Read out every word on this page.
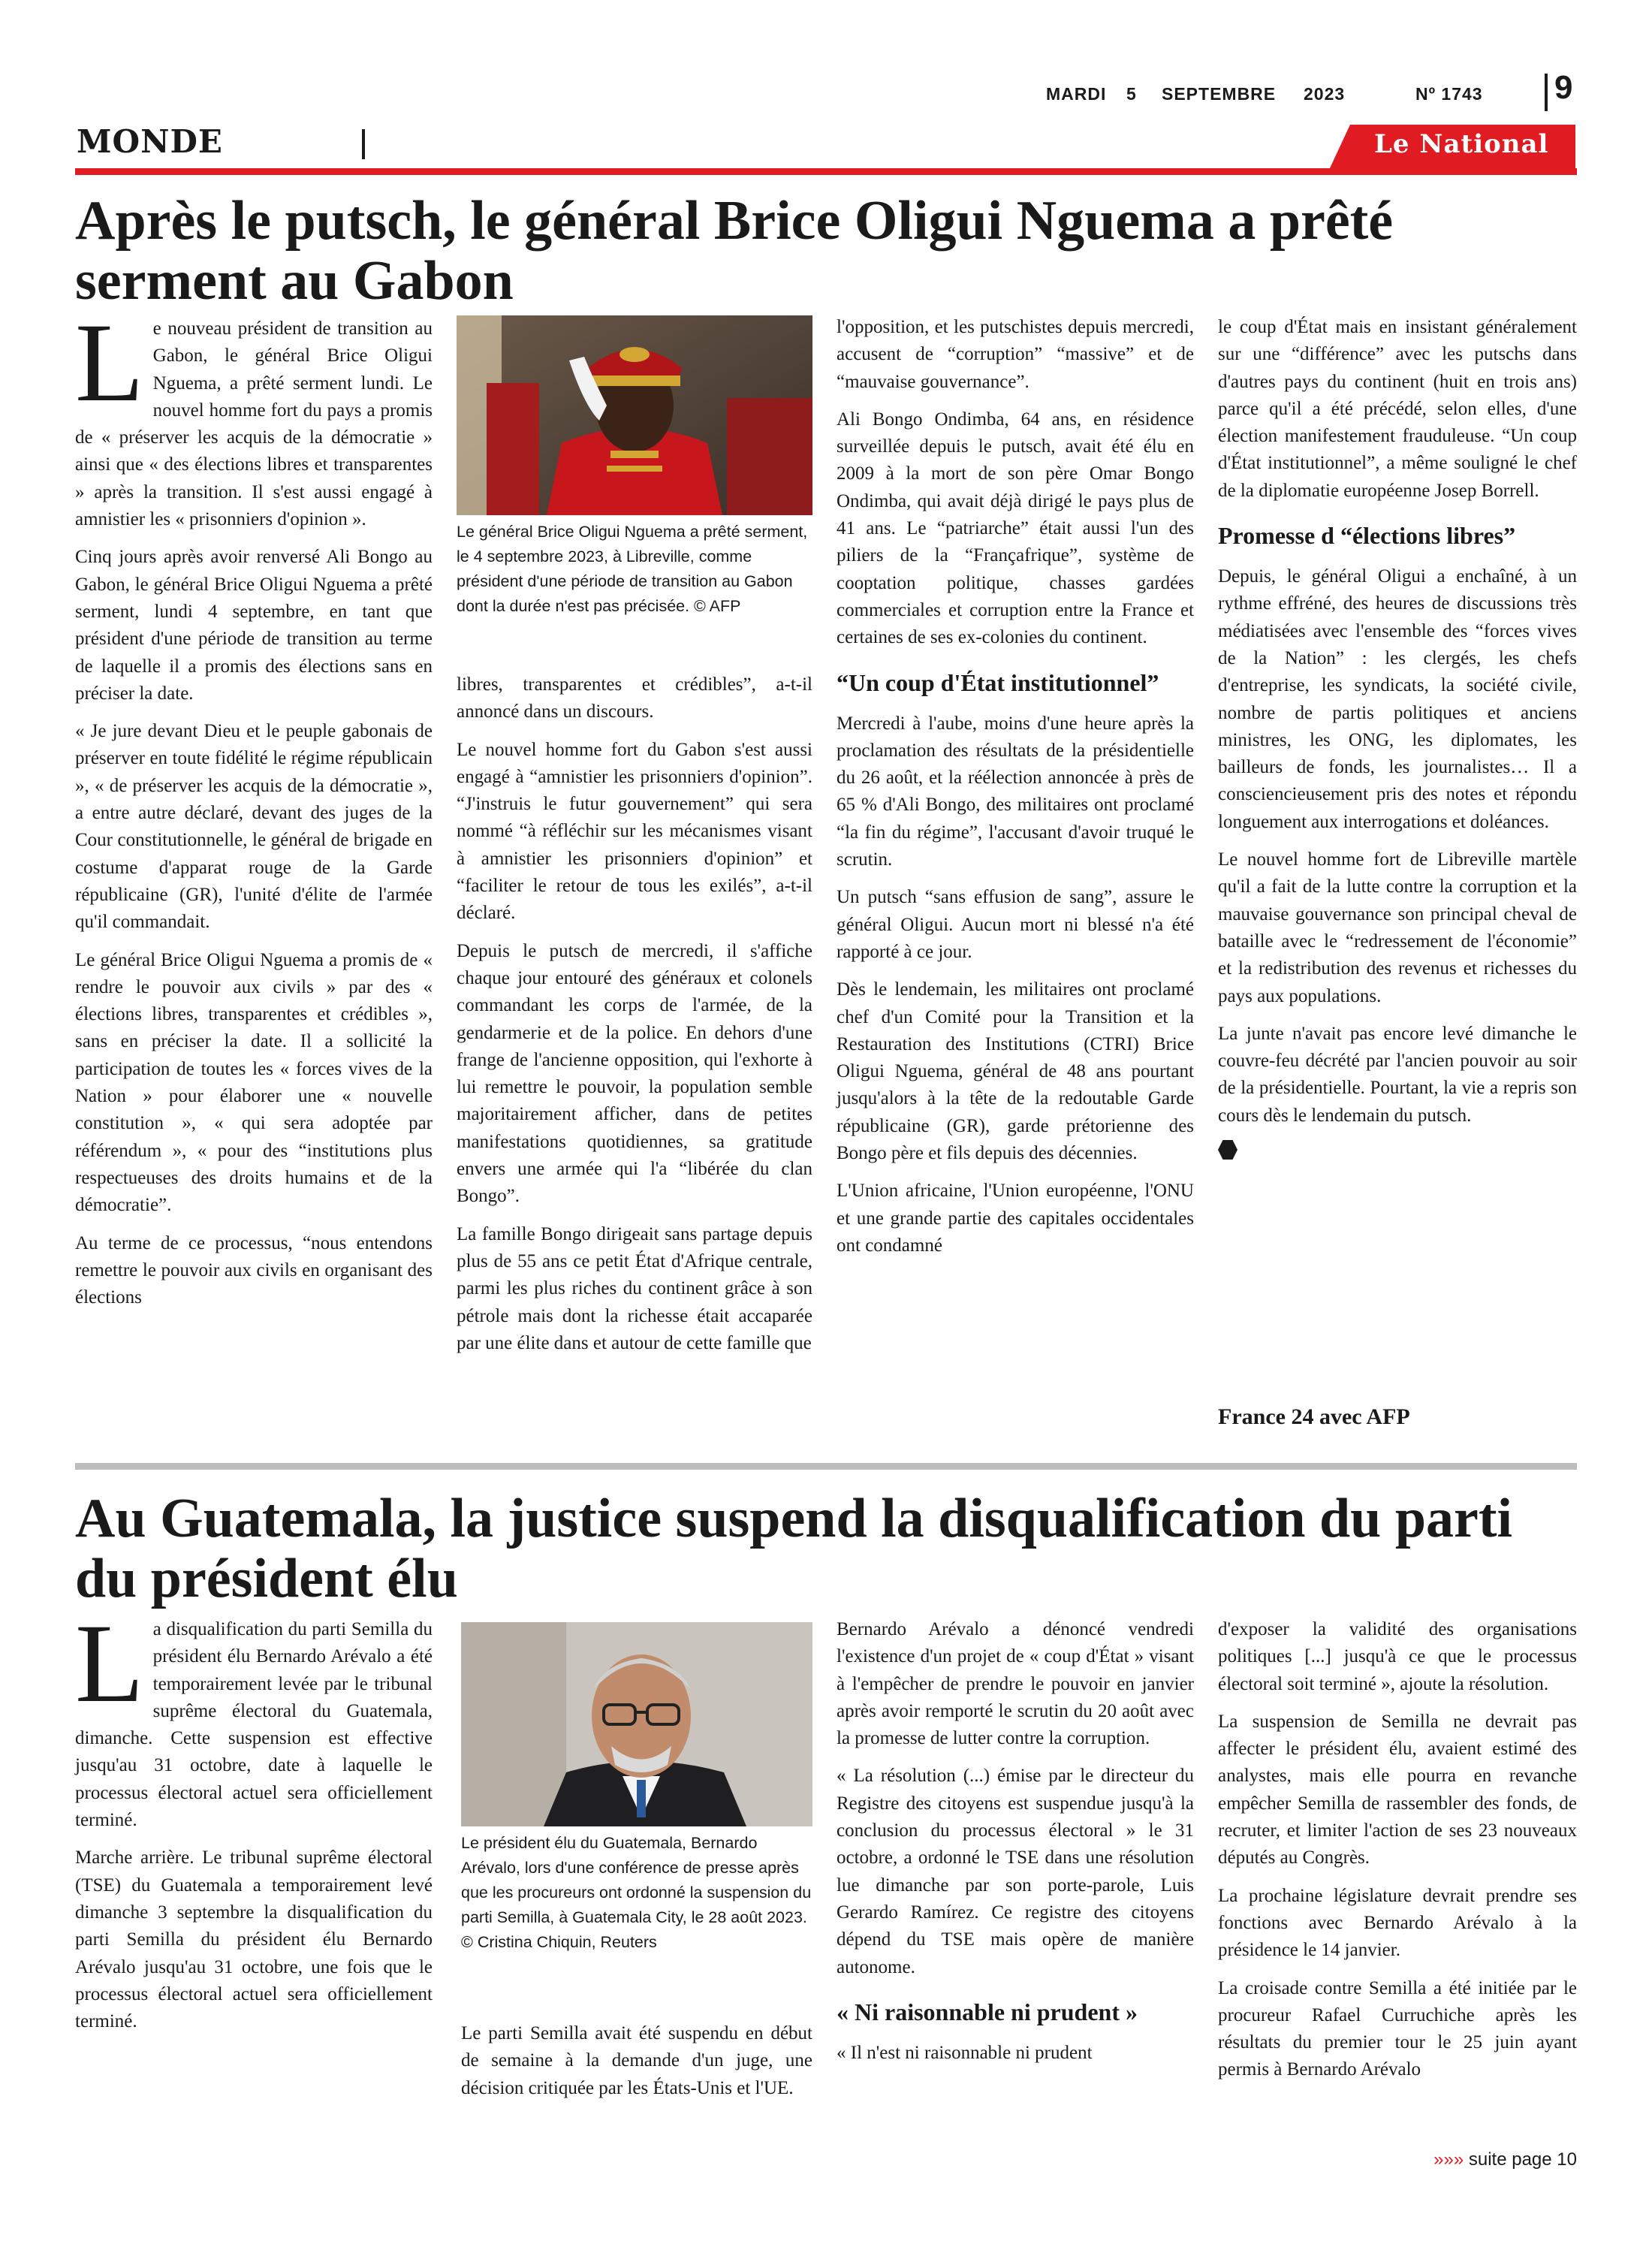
MARDI 5 SEPTEMBRE 2023	Nº 1743 9
MONDE	Le National
Après le putsch, le général Brice Oligui Nguema a prêté
serment au Gabon

Le nouveau président de transition au Gabon, le général Brice Oligui Nguema, a prêté serment lundi. Le nouvel homme fort du pays a promis de « préserver les acquis de la démocratie » ainsi que « des élections libres et transparentes » après la transition. Il s'est aussi engagé à amnistier les « prisonniers d'opinion ».

Cinq jours après avoir renversé Ali Bongo au Gabon, le général Brice Oligui Nguema a prêté serment, lundi 4 septembre, en tant que président d'une période de transition au terme de laquelle il a promis des élections sans en préciser la date.

« Je jure devant Dieu et le peuple gabonais de préserver en toute fidélité le régime républicain », « de préserver les acquis de la démocratie », a entre autre déclaré, devant des juges de la Cour constitutionnelle, le général de brigade en costume d'apparat rouge de la Garde républicaine (GR), l'unité d'élite de l'armée qu'il commandait.

Le général Brice Oligui Nguema a promis de « rendre le pouvoir aux civils » par des « élections libres, transparentes et crédibles », sans en préciser la date. Il a sollicité la participation de toutes les « forces vives de la Nation » pour élaborer une « nouvelle constitution », « qui sera adoptée par référendum », « pour des “institutions plus respectueuses des droits humains et de la démocratie”.

Au terme de ce processus, “nous entendons remettre le pouvoir aux civils en organisant des élections

Le général Brice Oligui Nguema a prêté serment, le 4 septembre 2023, à Libreville, comme président d'une période de transition au Gabon dont la durée n'est pas précisée. © AFP

libres, transparentes et crédibles”, a-t-il annoncé dans un discours.

Le nouvel homme fort du Gabon s'est aussi engagé à “amnistier les prisonniers d'opinion”. “J'instruis le futur gouvernement” qui sera nommé “à réfléchir sur les mécanismes visant à amnistier les prisonniers d'opinion” et “faciliter le retour de tous les exilés”, a-t-il déclaré.

Depuis le putsch de mercredi, il s'affiche chaque jour entouré des généraux et colonels commandant les corps de l'armée, de la gendarmerie et de la police. En dehors d'une frange de l'ancienne opposition, qui l'exhorte à lui remettre le pouvoir, la population semble majoritairement afficher, dans de petites manifestations quotidiennes, sa gratitude envers une armée qui l'a “libérée du clan Bongo”.

La famille Bongo dirigeait sans partage depuis plus de 55 ans ce petit État d'Afrique centrale, parmi les plus riches du continent grâce à son pétrole mais dont la richesse était accaparée par une élite dans et autour de cette famille que

l'opposition, et les putschistes depuis mercredi, accusent de “corruption” “massive” et de “mauvaise gouvernance”.

Ali Bongo Ondimba, 64 ans, en résidence surveillée depuis le putsch, avait été élu en 2009 à la mort de son père Omar Bongo Ondimba, qui avait déjà dirigé le pays plus de 41 ans. Le “patriarche” était aussi l'un des piliers de la “Françafrique”, système de cooptation politique, chasses gardées commerciales et corruption entre la France et certaines de ses ex-colonies du continent.

“Un coup d'État institutionnel”

Mercredi à l'aube, moins d'une heure après la proclamation des résultats de la présidentielle du 26 août, et la réélection annoncée à près de 65 % d'Ali Bongo, des militaires ont proclamé “la fin du régime”, l'accusant d'avoir truqué le scrutin.

Un putsch “sans effusion de sang”, assure le général Oligui. Aucun mort ni blessé n'a été rapporté à ce jour.

Dès le lendemain, les militaires ont proclamé chef d'un Comité pour la Transition et la Restauration des Institutions (CTRI) Brice Oligui Nguema, général de 48 ans pourtant jusqu'alors à la tête de la redoutable Garde républicaine (GR), garde prétorienne des Bongo père et fils depuis des décennies.

L'Union africaine, l'Union européenne, l'ONU et une grande partie des capitales occidentales ont condamné

le coup d'État mais en insistant généralement sur une “différence” avec les putschs dans d'autres pays du continent (huit en trois ans) parce qu'il a été précédé, selon elles, d'une élection manifestement frauduleuse. “Un coup d'État institutionnel”, a même souligné le chef de la diplomatie européenne Josep Borrell.

Promesse d “élections libres”

Depuis, le général Oligui a enchaîné, à un rythme effréné, des heures de discussions très médiatisées avec l'ensemble des “forces vives de la Nation” : les clergés, les chefs d'entreprise, les syndicats, la société civile, nombre de partis politiques et anciens ministres, les ONG, les diplomates, les bailleurs de fonds, les journalistes… Il a consciencieusement pris des notes et répondu longuement aux interrogations et doléances.

Le nouvel homme fort de Libreville martèle qu'il a fait de la lutte contre la corruption et la mauvaise gouvernance son principal cheval de bataille avec le “redressement de l'économie” et la redistribution des revenus et richesses du pays aux populations.

La junte n'avait pas encore levé dimanche le couvre-feu décrété par l'ancien pouvoir au soir de la présidentielle. Pourtant, la vie a repris son cours dès le lendemain du putsch.

France 24 avec AFP
Au Guatemala, la justice suspend la disqualification du parti
du président élu

La disqualification du parti Semilla du président élu Bernardo Arévalo a été temporairement levée par le tribunal suprême électoral du Guatemala, dimanche. Cette suspension est effective jusqu'au 31 octobre, date à laquelle le processus électoral actuel sera officiellement terminé.

Marche arrière. Le tribunal suprême électoral (TSE) du Guatemala a temporairement levé dimanche 3 septembre la disqualification du parti Semilla du président élu Bernardo Arévalo jusqu'au 31 octobre, une fois que le processus électoral actuel sera officiellement terminé.

Le président élu du Guatemala, Bernardo Arévalo, lors d'une conférence de presse après que les procureurs ont ordonné la suspension du parti Semilla, à Guatemala City, le 28 août 2023. © Cristina Chiquin, Reuters

Le parti Semilla avait été suspendu en début de semaine à la demande d'un juge, une décision critiquée par les États-Unis et l'UE.

Bernardo Arévalo a dénoncé vendredi l'existence d'un projet de « coup d'État » visant à l'empêcher de prendre le pouvoir en janvier après avoir remporté le scrutin du 20 août avec la promesse de lutter contre la corruption.

« La résolution (...) émise par le directeur du Registre des citoyens est suspendue jusqu'à la conclusion du processus électoral » le 31 octobre, a ordonné le TSE dans une résolution lue dimanche par son porte-parole, Luis Gerardo Ramírez. Ce registre des citoyens dépend du TSE mais opère de manière autonome.

« Ni raisonnable ni prudent »

« Il n'est ni raisonnable ni prudent

d'exposer la validité des organisations politiques [...] jusqu'à ce que le processus électoral soit terminé », ajoute la résolution.

La suspension de Semilla ne devrait pas affecter le président élu, avaient estimé des analystes, mais elle pourra en revanche empêcher Semilla de rassembler des fonds, de recruter, et limiter l'action de ses 23 nouveaux députés au Congrès.

La prochaine législature devrait prendre ses fonctions avec Bernardo Arévalo à la présidence le 14 janvier.

La croisade contre Semilla a été initiée par le procureur Rafael Curruchiche après les résultats du premier tour le 25 juin ayant permis à Bernardo Arévalo

»»» suite page 10
